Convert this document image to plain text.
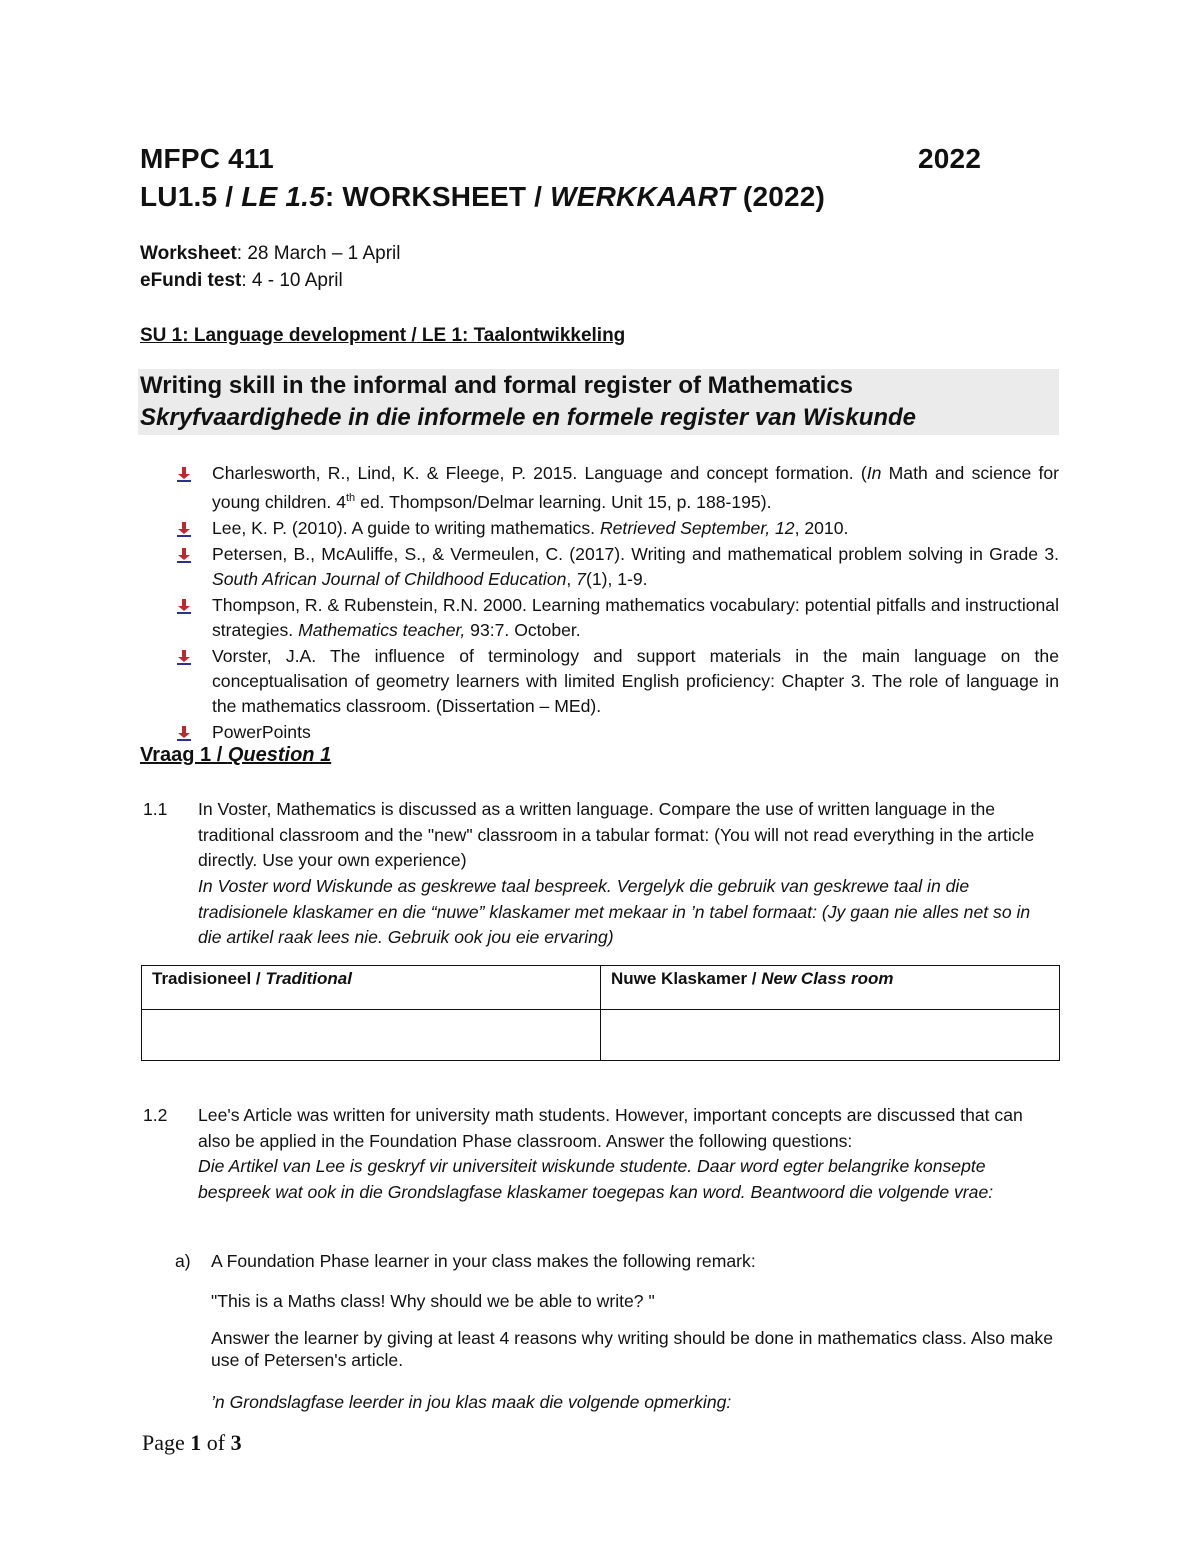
MFPC 411	2022
LU1.5 / LE 1.5: WORKSHEET / WERKKAART (2022)
Worksheet: 28 March – 1 April
eFundi test: 4 - 10 April
SU 1: Language development / LE 1: Taalontwikkeling
Writing skill in the informal and formal register of Mathematics
Skryfvaardighede in die informele en formele register van Wiskunde
Charlesworth, R., Lind, K. & Fleege, P. 2015. Language and concept formation. (In Math and science for young children. 4th ed. Thompson/Delmar learning. Unit 15, p. 188-195).
Lee, K. P. (2010). A guide to writing mathematics. Retrieved September, 12, 2010.
Petersen, B., McAuliffe, S., & Vermeulen, C. (2017). Writing and mathematical problem solving in Grade 3. South African Journal of Childhood Education, 7(1), 1-9.
Thompson, R. & Rubenstein, R.N. 2000. Learning mathematics vocabulary: potential pitfalls and instructional strategies. Mathematics teacher, 93:7. October.
Vorster, J.A. The influence of terminology and support materials in the main language on the conceptualisation of geometry learners with limited English proficiency: Chapter 3. The role of language in the mathematics classroom. (Dissertation – MEd).
PowerPoints
Vraag 1 / Question 1
1.1 In Voster, Mathematics is discussed as a written language. Compare the use of written language in the traditional classroom and the "new" classroom in a tabular format: (You will not read everything in the article directly. Use your own experience)
In Voster word Wiskunde as geskrewe taal bespreek. Vergelyk die gebruik van geskrewe taal in die tradisionele klaskamer en die “nuwe” klaskamer met mekaar in ’n tabel formaat: (Jy gaan nie alles net so in die artikel raak lees nie. Gebruik ook jou eie ervaring)
Tradisioneel / Traditional	Nuwe Klaskamer / New Class room

1.2 Lee's Article was written for university math students. However, important concepts are discussed that can also be applied in the Foundation Phase classroom. Answer the following questions:
Die Artikel van Lee is geskryf vir universiteit wiskunde studente. Daar word egter belangrike konsepte bespreek wat ook in die Grondslagfase klaskamer toegepas kan word. Beantwoord die volgende vrae:
a) A Foundation Phase learner in your class makes the following remark:
"This is a Maths class! Why should we be able to write? "
Answer the learner by giving at least 4 reasons why writing should be done in mathematics class. Also make use of Petersen's article.
’n Grondslagfase leerder in jou klas maak die volgende opmerking:
Page 1 of 3
